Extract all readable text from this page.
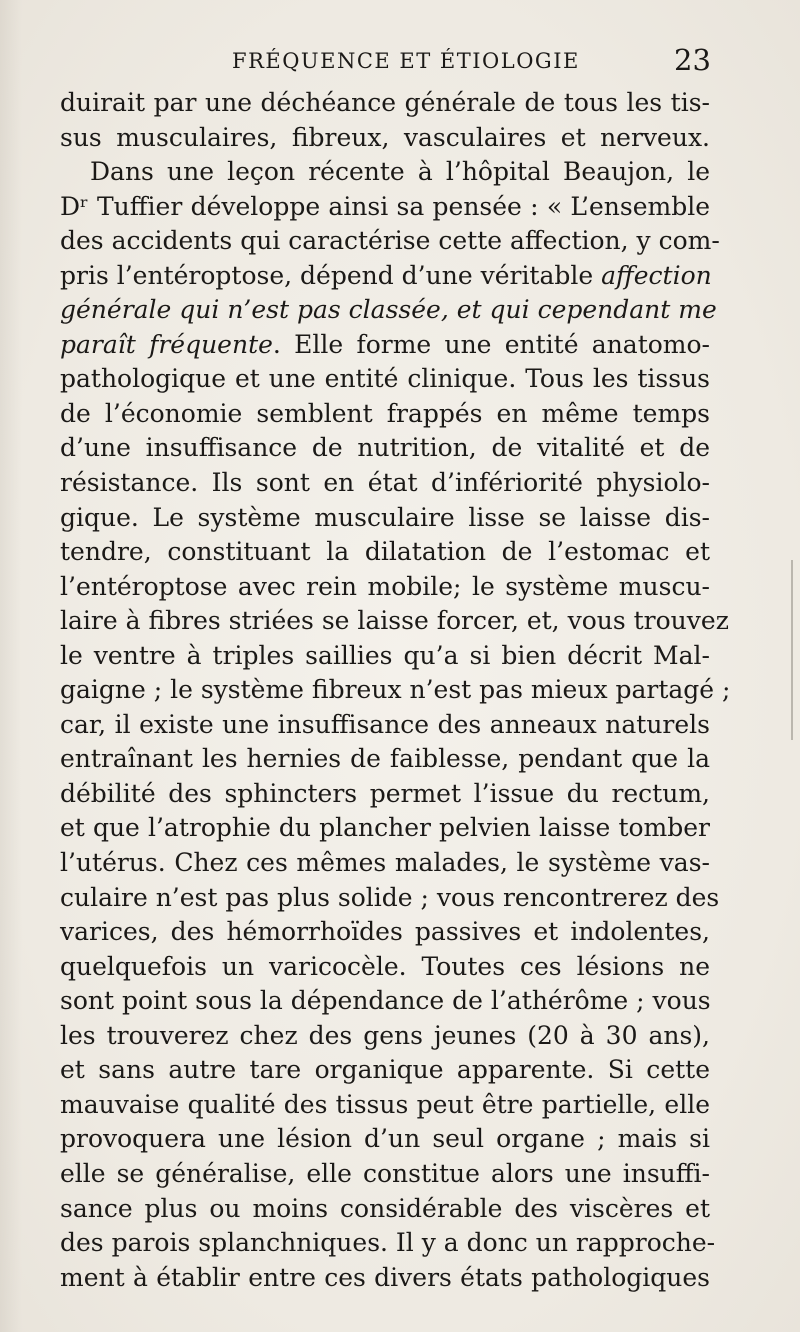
FRÉQUENCE ET ÉTIOLOGIE	23
duirait par une déchéance générale de tous les tis-
sus musculaires, fibreux, vasculaires et nerveux.
Dans une leçon récente à l’hôpital Beaujon, le
Dʳ Tuffier développe ainsi sa pensée : « L’ensemble
des accidents qui caractérise cette affection, y com-
pris l’entéroptose, dépend d’une véritable affection
générale qui n’est pas classée, et qui cependant me
paraît fréquente. Elle forme une entité anatomo-
pathologique et une entité clinique. Tous les tissus
de l’économie semblent frappés en même temps
d’une insuffisance de nutrition, de vitalité et de
résistance. Ils sont en état d’infériorité physiolo-
gique. Le système musculaire lisse se laisse dis-
tendre, constituant la dilatation de l’estomac et
l’entéroptose avec rein mobile; le système muscu-
laire à fibres striées se laisse forcer, et, vous trouvez
le ventre à triples saillies qu’a si bien décrit Mal-
gaigne ; le système fibreux n’est pas mieux partagé ;
car, il existe une insuffisance des anneaux naturels
entraînant les hernies de faiblesse, pendant que la
débilité des sphincters permet l’issue du rectum,
et que l’atrophie du plancher pelvien laisse tomber
l’utérus. Chez ces mêmes malades, le système vas-
culaire n’est pas plus solide ; vous rencontrerez des
varices, des hémorrhoïdes passives et indolentes,
quelquefois un varicocèle. Toutes ces lésions ne
sont point sous la dépendance de l’athérôme ; vous
les trouverez chez des gens jeunes (20 à 30 ans),
et sans autre tare organique apparente. Si cette
mauvaise qualité des tissus peut être partielle, elle
provoquera une lésion d’un seul organe ; mais si
elle se généralise, elle constitue alors une insuffi-
sance plus ou moins considérable des viscères et
des parois splanchniques. Il y a donc un rapproche-
ment à établir entre ces divers états pathologiques
